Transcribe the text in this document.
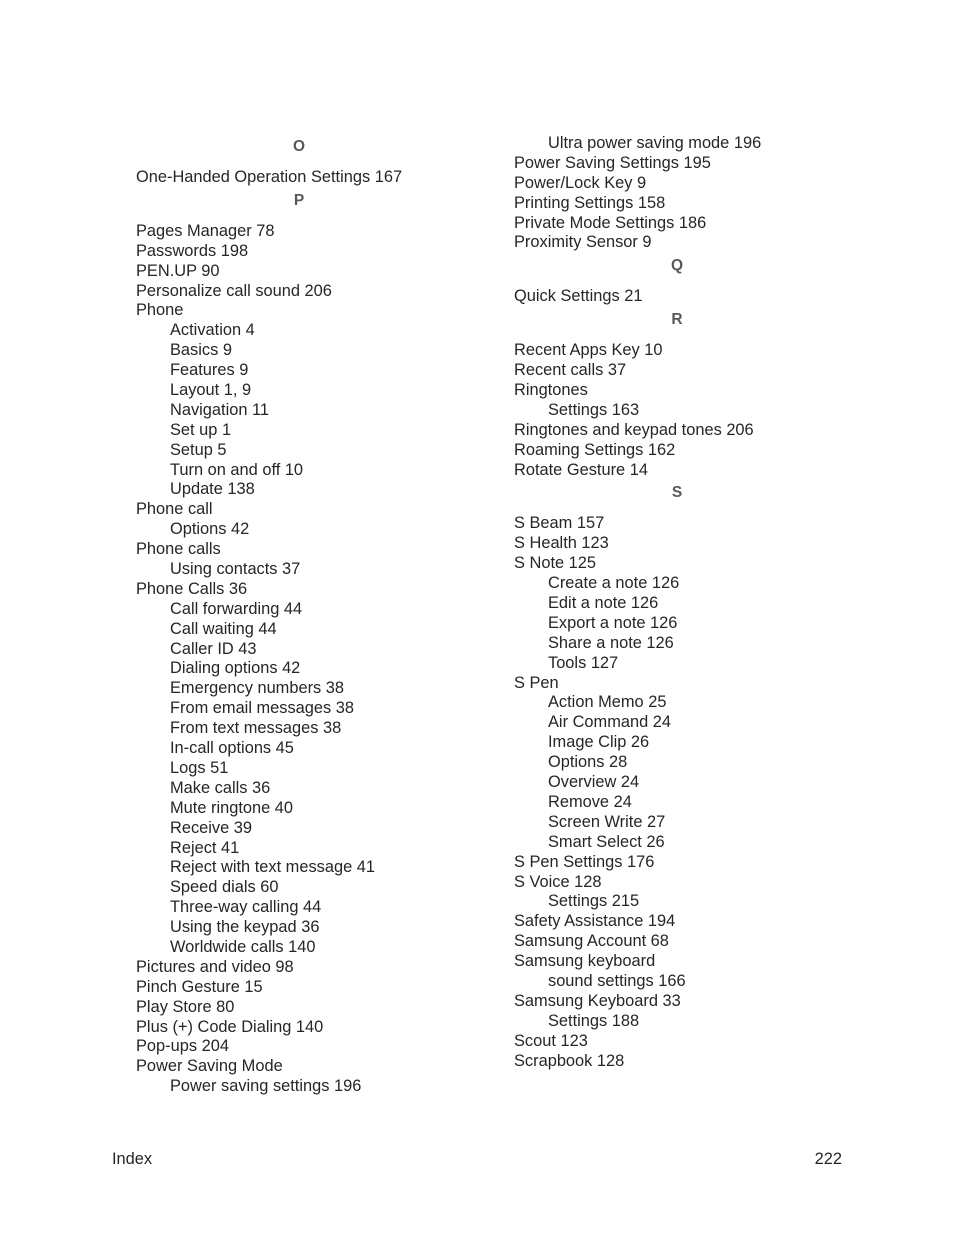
O
One-Handed Operation Settings 167
P
Pages Manager 78
Passwords 198
PEN.UP 90
Personalize call sound 206
Phone
Activation 4
Basics 9
Features 9
Layout 1, 9
Navigation 11
Set up 1
Setup 5
Turn on and off 10
Update 138
Phone call
Options 42
Phone calls
Using contacts 37
Phone Calls 36
Call forwarding 44
Call waiting 44
Caller ID 43
Dialing options 42
Emergency numbers 38
From email messages 38
From text messages 38
In-call options 45
Logs 51
Make calls 36
Mute ringtone 40
Receive 39
Reject 41
Reject with text message 41
Speed dials 60
Three-way calling 44
Using the keypad 36
Worldwide calls 140
Pictures and video 98
Pinch Gesture 15
Play Store 80
Plus (+) Code Dialing 140
Pop-ups 204
Power Saving Mode
Power saving settings 196
Ultra power saving mode 196
Power Saving Settings 195
Power/Lock Key 9
Printing Settings 158
Private Mode Settings 186
Proximity Sensor 9
Q
Quick Settings 21
R
Recent Apps Key 10
Recent calls 37
Ringtones
Settings 163
Ringtones and keypad tones 206
Roaming Settings 162
Rotate Gesture 14
S
S Beam 157
S Health 123
S Note 125
Create a note 126
Edit a note 126
Export a note 126
Share a note 126
Tools 127
S Pen
Action Memo 25
Air Command 24
Image Clip 26
Options 28
Overview 24
Remove 24
Screen Write 27
Smart Select 26
S Pen Settings 176
S Voice 128
Settings 215
Safety Assistance 194
Samsung Account 68
Samsung keyboard
sound settings 166
Samsung Keyboard 33
Settings 188
Scout 123
Scrapbook 128
Index	222
